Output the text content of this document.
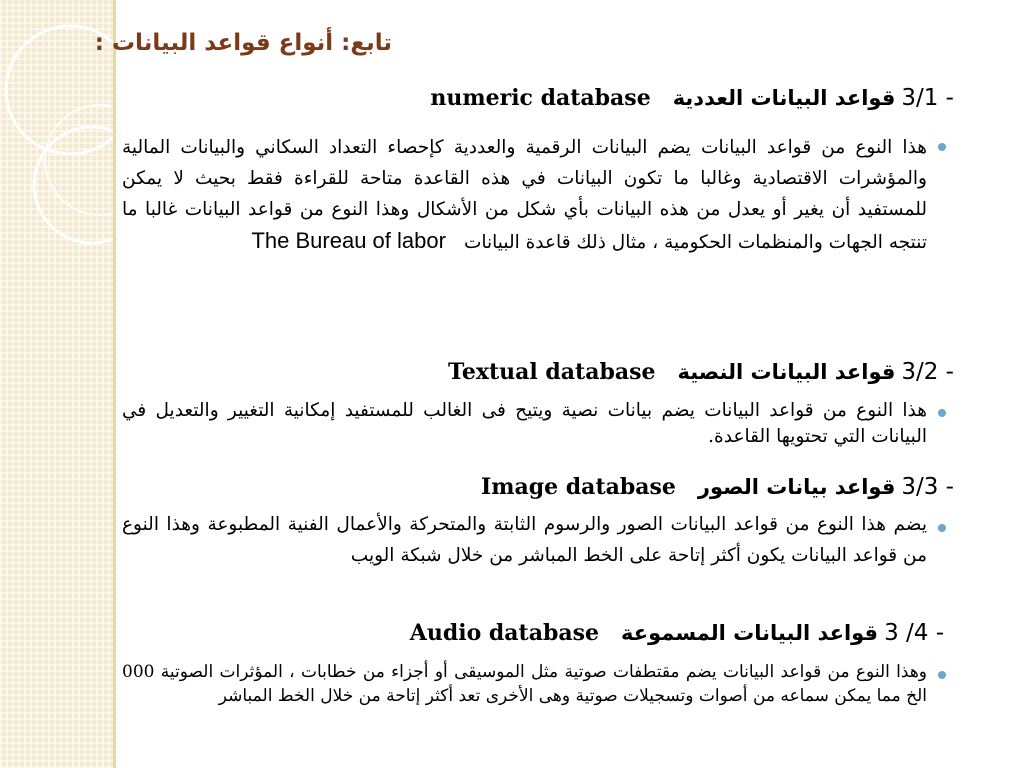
تابع: أنواع قواعد البيانات :
numeric database قواعد البيانات العددية 3/1 -
هذا النوع من قواعد البيانات يضم البيانات الرقمية والعددية كإحصاء التعداد السكاني والبيانات المالية والمؤشرات الاقتصادية وغالبا ما تكون البيانات في هذه القاعدة متاحة للقراءة فقط بحيث لا يمكن للمستفيد أن يغير أو يعدل من هذه البيانات بأي شكل من الأشكال وهذا النوع من قواعد البيانات غالبا ما تنتجه الجهات والمنظمات الحكومية ، مثال ذلك قاعدة البياناتThe Bureau of labor
Textual database قواعد البيانات النصية 3/2 -
هذا النوع من قواعد البيانات يضم بيانات نصية ويتيح فى الغالب للمستفيد إمكانية التغيير والتعديل في البيانات التي تحتويها القاعدة.
Image database قواعد بيانات الصور 3/3 -
يضم هذا النوع من قواعد البيانات الصور والرسوم الثابتة والمتحركة والأعمال الفنية المطبوعة وهذا النوع من قواعد البيانات يكون أكثر إتاحة على الخط المباشر من خلال شبكة الويب
Audio database قواعد البيانات المسموعة 3 /4 -
وهذا النوع من قواعد البيانات يضم مقتطفات صوتية مثل الموسيقى أو أجزاء من خطابات ، المؤثرات الصوتية 000 الخ مما يمكن سماعه من أصوات وتسجيلات صوتية وهى الأخرى تعد أكثر إتاحة من خلال الخط المباشر
